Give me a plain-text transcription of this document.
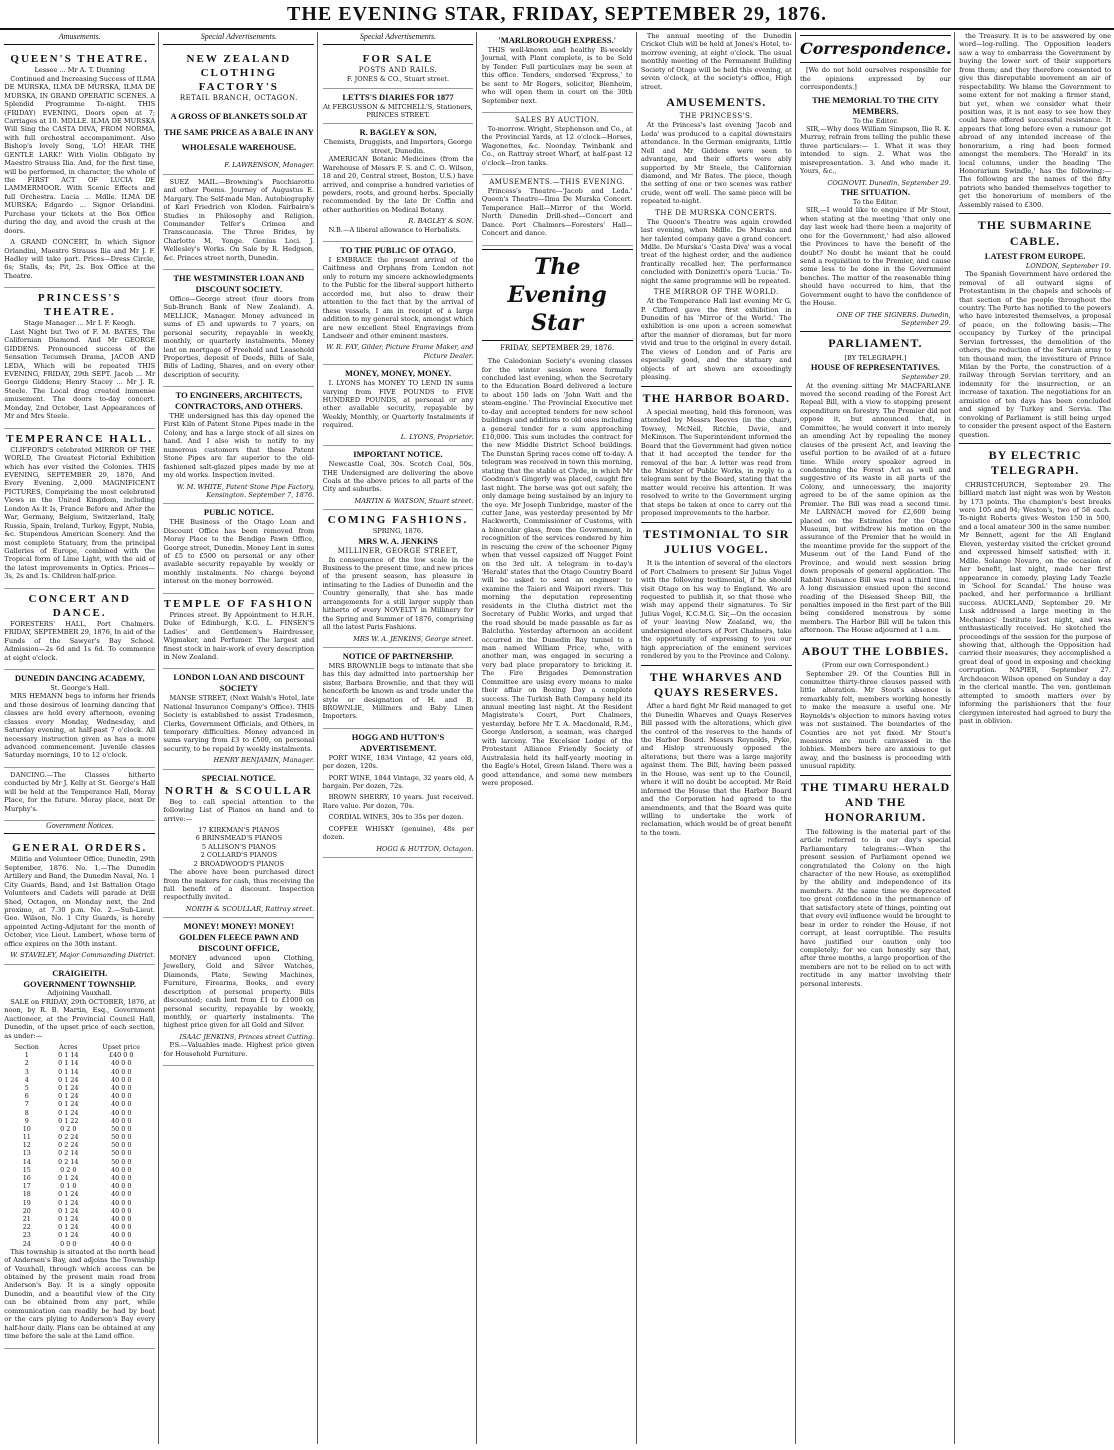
THE EVENING STAR, FRIDAY, SEPTEMBER 29, 1876.
Amusements.
QUEEN'S THEATRE.
Lessee ... Mr A. T. Dunning

Continued and Increasing Success of ILMA DE MURSKA, ILMA DE MURSKA, ILMA DE MURSKA, IN GRAND OPERATIC SCENES. A Splendid Programme To-night. THIS (FRIDAY) EVENING, Doors open at 7; Carriages at 10. MDLLE. ILMA DE MURSKA Will Sing the CASTA DIVA, FROM NORMA, with full orchestral accompaniment. Also Bishop's lovely Song, 'LO! HEAR THE GENTLE LARK!' With Violin Obligato by Maestro Strauss Ilia. And, for the first time, will be performed, in character, the whole of the FIRST ACT OF LUCIA DE LAMMERMOOR. With Scenic Effects and full Orchestra. Lucia ... Mdlle. ILMA DE MURSKA; Edgardo ... Signor Orlandini. Purchase your tickets at the Box Office during the day, and avoid the crush at the doors.

A GRAND CONCERT, In which Signor Orlandini, Maestro Strauss Ilia and Mr J. F. Hadley will take part. Prices—Dress Circle, 6s; Stalls, 4s; Pit, 2s. Box Office at the Theatre.

PRINCESS'S THEATRE.
Stage Manager ... Mr I. F. Keogh.

Last Night but Two of F. M. BATES, The Californian Diamond. And Mr GEORGE GIDDENS. Pronounced success of the Sensation Tecumseh Drama, JACOB AND LEDA, Which will be repeated THIS EVENING, FRIDAY, 29th SEPT. Jacob ... Mr George Giddens; Henry Stacey ... Mr J. R. Steele. The Local drag created immense amusement. The doors to-day concert. Monday, 2nd October, Last Appearances of Mr and Mrs Steele.

TEMPERANCE HALL.

CLIFFORD'S celebrated MIRROR OF THE WORLD, The Greatest Pictorial Exhibition which has ever visited the Colonies. THIS EVENING, SEPTEMBER 29, 1876, And Every Evening. 2,000 MAGNIFICENT PICTURES, Comprising the most celebrated Views in the United Kingdom, including London As It Is, France Before and After the War, Germany, Belgium, Switzerland, Italy, Russia, Spain, Ireland, Turkey, Egypt, Nubia, &c. Stupendous American Scenery. And the most complete Statuary, from the principal Galleries of Europe, combined with the Tropical form of Lime Light, with the aid of the latest improvements in Optics. Prices—3s, 2s and 1s. Children half-price.

CONCERT AND DANCE.

FORESTERS' HALL, Port Chalmers. FRIDAY, SEPTEMBER 29, 1876, In aid of the Funds of the Sawyer's Bay School. Admission—2s 6d and 1s 6d. To commence at eight o'clock.

DUNEDIN DANCING ACADEMY,
St. George's Hall.

MRS HEMANN begs to inform her friends and those desirous of learning dancing that classes are held every afternoon, evening classes every Monday, Wednesday, and Saturday evening, at half-past 7 o'clock. All necessary instruction given as has a more advanced commencement. Juvenile classes Saturday mornings, 10 to 12 o'clock.

DANCING.—The Classes hitherto conducted by Mr J. Kelly at St. George's Hall will be held at the Temperance Hall, Moray Place, for the future. Moray place, next Dr Murphy's.

Government Notices.
GENERAL ORDERS.

Militia and Volunteer Office, Dunedin, 29th September, 1876. No. 1.—The Dunedin Artillery and Band, the Dunedin Naval, No. 1 City Guards, Band, and 1st Battalion Otago Volunteers and Cadets will parade at Drill Shed, Octagon, on Monday next, the 2nd proximo, at 7.30 p.m. No. 2.—Sub-Lieut. Geo. Wilson, No. 1 City Guards, is hereby appointed Acting-Adjutant for the month of October, vice Lieut. Lambert, whose term of office expires on the 30th instant.

W. STAVELEY, Major Commanding District.
CRAIGIEITH.
GOVERNMENT TOWNSHIP.
Adjoining Vauxhall.

SALE on FRIDAY, 29th OCTOBER, 1876, at noon, by R. B. Martin, Esq., Government Auctioneer, at the Provincial Council Hall, Dunedin, of the upset price of each section, as under:—

Section	Acres	Upset price
1	0 1 14	£40 0 0
2	0 1 14	40 0 0
3	0 1 14	40 0 0
4	0 1 24	40 0 0
5	0 1 24	40 0 0
6	0 1 24	40 0 0
7	0 1 24	40 0 0
8	0 1 24	40 0 0
9	0 1 22	40 0 0
10	0 2 0	50 0 0
11	0 2 24	50 0 0
12	0 2 24	50 0 0
13	0 2 14	50 0 0
14	0 2 14	50 0 0
15	0 2 0	40 0 0
16	0 1 24	40 0 0
17	0 1 0	40 0 0
18	0 1 24	40 0 0
19	0 1 24	40 0 0
20	0 1 24	40 0 0
21	0 1 24	40 0 0
22	0 1 24	40 0 0
23	0 1 24	40 0 0
24	0 0 0	40 0 0

This township is situated at the north head of Andersen's Bay, and adjoins the Township of Vauxhall, through which access can be obtained by the present main road from Anderson's Bay. It is a singly opposite Dunedin, and a beautiful view of the City can be obtained from any part, while communication can readily be had by boat or the cars plying to Anderson's Bay every half-hour daily. Plans can be obtained at any time before the sale at the Land office.

Special Advertisements.
NEW ZEALAND CLOTHING FACTORY'S
RETAIL BRANCH, OCTAGON.
A GROSS OF BLANKETS SOLD AT THE SAME PRICE AS A BALE IN ANY WHOLESALE WAREHOUSE.
F. LAWRENSON, Manager.

SUEZ MAIL.—Browning's Pacchiarotto and other Poems. Journey of Augustus E. Margary. The Self-made Man. Autobiography of Karl Friedrich von Kloden. Fairbairn's Studies in Philosophy and Religion. Commander Telfer's Crimea and Transcaucasia. The Three Brides, by Charlotte M. Yonge. Genius Loci. J. Wellesley's Works. On Sale by R. Hedgson, &c. Princes street north, Dunedin.

THE WESTMINSTER LOAN AND DISCOUNT SOCIETY.

Office—George street (four doors from Sub-Branch Bank of New Zealand). A. MELLICK, Manager. Money advanced in sums of £5 and upwards to 7 years, on personal security, repayable in weekly, monthly, or quarterly instalments. Money lent on mortgage of Freehold and Leasehold Properties, deposit of Deeds, Bills of Sale, Bills of Lading, Shares, and on every other description of security.

TO ENGINEERS, ARCHITECTS, CONTRACTORS, AND OTHERS.

THE undersigned has this day opened the First Kiln of Patent Stone Pipes made in the Colony, and has a large stock of all sizes on hand. And I also wish to notify to my numerous customers that these Patent Stone Pipes are far superior to the old-fashioned salt-glazed pipes made by me at my old works. Inspection invited.

W. M. WHITE, Patent Stone Pipe Factory, Kensington. September 7, 1876.
PUBLIC NOTICE.

THE Business of the Otago Loan and Discount Office has been removed from Moray Place to the Bendigo Pawn Office, George street, Dunedin. Money Lent in sums of £5 to £500 on personal or any other available security repayable by weekly or monthly instalments. No charge beyond interest on the money borrowed.

TEMPLE OF FASHION

Princes street. By Appointment to H.R.H. Duke of Edinburgh, K.G. L. FINSEN'S Ladies' and Gentlemen's Hairdresser, Wigmaker, and Perfumer. The largest and finest stock in hair-work of every description in New Zealand.

LONDON LOAN AND DISCOUNT SOCIETY

MANSE STREET, (Next Walsh's Hotel, late National Insurance Company's Office). THIS Society is established to assist Tradesmen, Clerks, Government Officials, and Others, in temporary difficulties. Money advanced in sums varying from £3 to £500, on personal security, to be repaid by weekly instalments.

HENRY BENJAMIN, Manager.
SPECIAL NOTICE.
NORTH & SCOULLAR

Beg to call special attention to the following List of Pianos on hand and to arrive:—

17 KIRKMAN'S PIANOS
6 BRINSMEAD'S PIANOS
5 ALLISON'S PIANOS
2 COLLARD'S PIANOS
2 BROADWOOD'S PIANOS

The above have been purchased direct from the makers for cash, thus receiving the full benefit of a discount. Inspection respectfully invited.

NORTH & SCOULLAR, Rattray street.
MONEY! MONEY! MONEY!
GOLDEN FLEECE PAWN AND DISCOUNT OFFICE,

MONEY advanced upon Clothing, Jewellery, Gold and Silver Watches, Diamonds, Plate, Sewing Machines, Furniture, Firearms, Books, and every description of personal property. Bills discounted; cash lent from £1 to £1000 on personal security, repayable by weekly, monthly, or quarterly instalments. The highest price given for all Gold and Silver.

ISAAC JENKINS, Princes street Cutting.

P.S.—Valuables made. Highest price given for Household Furniture.

Special Advertisements.
FOR SALE
POSTS AND RAILS.
F. JONES & CO., Stuart street.
LETTS'S DIARIES FOR 1877
At FERGUSSON & MITCHELL'S, Stationers, PRINCES STREET.
R. BAGLEY & SON,
Chemists, Druggists, and Importers, George street, Dunedin.

AMERICAN Botanic Medicines (from the Warehouse of Messrs F. S. and C. O. Wilson, 18 and 20, Central street, Boston, U.S.) have arrived, and comprise a hundred varieties of powders, roots, and ground herbs. Specially recommended by the late Dr Coffin and other authorities on Medical Botany.

R. BAGLEY & SON.

N.B.—A liberal allowance to Herbalists.

TO THE PUBLIC OF OTAGO.

I EMBRACE the present arrival of the Caithness and Orphans from London not only to return my sincere acknowledgments to the Public for the liberal support hitherto accorded me, but also to draw their attention to the fact that by the arrival of these vessels, I am in receipt of a large addition to my general stock, amongst which are new excellent Steel Engravings from Landseer and other eminent masters.

W. R. FAY, Gilder, Picture Frame Maker, and Picture Dealer.
MONEY, MONEY, MONEY.

I. LYONS has MONEY TO LEND IN sums varying from FIVE POUNDS to FIVE HUNDRED POUNDS, at personal or any other available security, repayable by Weekly, Monthly, or Quarterly Instalments if required.

L. LYONS, Proprietor.
IMPORTANT NOTICE.

Newcastle Coal, 30s. Scotch Coal, 50s. THE Undersigned are delivering the above Coals at the above prices to all parts of the City and suburbs.

MARTIN & WATSON, Stuart street.
COMING FASHIONS.
SPRING, 1876.
MRS W. A. JENKINS
MILLINER, GEORGE STREET,

In consequence of the low scale in the Business to the present time, and new prices of the present season, has pleasure in intimating to the Ladies of Dunedin and the Country generally, that she has made arrangements for a still larger supply than hitherto of every NOVELTY in Millinery for the Spring and Summer of 1876, comprising all the latest Paris Fashions.

MRS W. A. JENKINS, George street.
NOTICE OF PARTNERSHIP.

MRS BROWNLIE begs to intimate that she has this day admitted into partnership her sister, Barbara Brownlie, and that they will henceforth be known as and trade under the style or designation of H. and B. BROWNLIE, Milliners and Baby Linen Importers.

HOGG AND HUTTON'S ADVERTISEMENT.

PORT WINE, 1834 Vintage, 42 years old, per dozen, 120s.

PORT WINE, 1844 Vintage, 32 years old, A bargain. Per dozen, 72s.

BROWN SHERRY, 10 years. Just received. Rare value. Per dozen, 70s.

CORDIAL WINES, 30s to 35s per dozen.

COFFEE WHISKY (genuine), 48s per dozen.

HOGG & HUTTON, Octagon.
'MARLBOROUGH EXPRESS.'

THIS well-known and healthy Bi-weekly Journal, with Plant complete, is to be Sold by Tender. Full particulars may be seen at this office. Tenders, endorsed 'Express,' to be sent to Mr Rogers, solicitor, Blenheim, who will open them in court on the 30th September next.

SALES BY AUCTION.

To-morrow. Wright, Stephenson and Co., at the Provincial Yards, at 12 o'clock—Horses, Wagonettes, &c. Noonday. Twinbank and Co., on Rattray street Wharf, at half-past 12 o'clock—Iron tanks.

AMUSEMENTS.—THIS EVENING.

Princess's Theatre—'Jacob and Leda.' Queen's Theatre—Ilma De Murska Concert. Temperance Hall—Mirror of the World. North Dunedin Drill-shed—Concert and Dance. Port Chalmers—Foresters' Hall—Concert and dance.

The Evening Star
FRIDAY, SEPTEMBER 29, 1876.

The Caledonian Society's evening classes for the winter session were formally concluded last evening, when the Secretary to the Education Board delivered a lecture to about 150 lads on 'John Watt and the steam-engine.' The Provincial Executive met to-day and accepted tenders for new school buildings and additions to old ones including a general tender for a sum approaching £10,000. This sum includes the contract for the new Middle District School buildings. The Dunstan Spring races come off to-day. A telegram was received in town this morning, stating that the stable at Clyde, in which Mr Goodman's Gingerly was placed, caught fire last night. The horse was got out safely, the only damage being sustained by an injury to the eye. Mr Joseph Tunbridge, master of the cutter Jane, was yesterday presented by Mr Hackworth, Commissioner of Customs, with a binocular glass, from the Government, in recognition of the services rendered by him in rescuing the crew of the schooner Pigmy when that vessel capsized off Nugget Point on the 3rd ult. A telegram in to-day's 'Herald' states that the Otago Country Board will be asked to send an engineer to examine the Taieri and Waipori rivers. This morning the deputation representing residents in the Clutha district met the Secretary of Public Works, and urged that the road should be made passable as far as Balclutha. Yesterday afternoon an accident occurred in the Dunedin Bay tunnel to a man named William Price, who, with another man, was engaged in securing a very bad place preparatory to bricking it. The Fire Brigades Demonstration Committee are using every means to make their affair on Boxing Day a complete success. The Turkish Bath Company held its annual meeting last night. At the Resident Magistrate's Court, Port Chalmers, yesterday, before Mr T. A. Macdonald, R.M., George Anderson, a seaman, was charged with larceny. The Excelsior Lodge of the Protestant Alliance Friendly Society of Australasia held its half-yearly meeting in the Eagle's Hotel, Green Island. There was a good attendance, and some new members were proposed.

The annual meeting of the Dunedin Cricket Club will be held at Jones's Hotel, to-morrow evening, at eight o'clock. The usual monthly meeting of the Permanent Building Society of Otago will be held this evening, at seven o'clock, at the society's office, High street.

AMUSEMENTS.
THE PRINCESS'S.

At the Princess's last evening 'Jacob and Leda' was produced to a capital downstairs attendance. In the German emigrants, Little Nell and Mr Giddens were seen to advantage, and their efforts were ably supported by Mr Steele, the Californian diamond, and Mr Bates. The piece, though the setting of one or two scenes was rather crude, went off well. The same piece will be repeated to-night.

THE DE MURSKA CONCERTS.

The Queen's Theatre was again crowded last evening, when Mdlle. De Murska and her talented company gave a grand concert. Mdlle. De Murska's 'Casta Diva' was a vocal treat of the highest order, and the audience frantically recalled her. The performance concluded with Donizetti's opera 'Lucia.' To-night the same programme will be repeated.

THE MIRROR OF THE WORLD.

At the Temperance Hall last evening Mr G. P. Clifford gave the first exhibition in Dunedin of his 'Mirror of the World.' The exhibition is one upon a screen somewhat after the manner of dioramas, but far more vivid and true to the original in every detail. The views of London and of Paris are especially good, and the statuary and objects of art shown are exceedingly pleasing.

THE HARBOR BOARD.

A special meeting, held this forenoon, was attended by Messrs Reeves (in the chair), Towsey, McNeil, Ritchie, Davie, and McKinnon. The Superintendent informed the Board that the Government had given notice that it had accepted the tender for the removal of the bar. A letter was read from the Minister of Public Works, in reply to a telegram sent by the Board, stating that the matter would receive his attention. It was resolved to write to the Government urging that steps be taken at once to carry out the proposed improvements to the harbor.

TESTIMONIAL TO SIR JULIUS VOGEL.

It is the intention of several of the electors of Port Chalmers to present Sir Julius Vogel with the following testimonial, if he should visit Otago on his way to England. We are requested to publish it, so that those who wish may append their signatures. To Sir Julius Vogel, K.C.M.G. Sir,—On the occasion of your leaving New Zealand, we, the undersigned electors of Port Chalmers, take the opportunity of expressing to you our high appreciation of the eminent services rendered by you to the Province and Colony.

THE WHARVES AND QUAYS RESERVES.

After a hard fight Mr Reid managed to get the Dunedin Wharves and Quays Reserves Bill passed with the alterations, which give the control of the reserves to the hands of the Harbor Board. Messrs Reynolds, Pyke, and Hislop strenuously opposed the alterations, but there was a large majority against them. The Bill, having been passed in the House, was sent up to the Council, where it will no doubt be accepted. Mr Reid informed the House that the Harbor Board and the Corporation had agreed to the amendments, and that the Board was quite willing to undertake the work of reclamation, which would be of great benefit to the town.

Correspondence.

[We do not hold ourselves responsible for the opinions expressed by our correspondents.]

THE MEMORIAL TO THE CITY MEMBERS.
To the Editor.

SIR,—Why does William Simpson, Ilie R. K. Murray, refrain from telling the public these three particulars:— 1. What it was they intended to sign. 2. What was the misrepresentation. 3. And who made it. Yours, &c.,

COGNOVIT. Dunedin, September 29.
THE SITUATION.
To the Editor.

SIR,—I would like to enquire if Mr Stout, when stating at the meeting 'that only one day last week had there been a majority of one for the Government,' had also allowed the Provinces to have the benefit of the doubt? No doubt he meant that he could send a requisition to the Premier, and cause some less to be done in the Government benches. The matter of the reasonable thing should have occurred to him, that the Government ought to have the confidence of the House.

ONE OF THE SIGNERS. Dunedin, September 29.
PARLIAMENT.
[BY TELEGRAPH.]
HOUSE OF REPRESENTATIVES.
September 29.

At the evening sitting Mr MACFARLANE moved the second reading of the Forest Act Repeal Bill, with a view to stopping present expenditure on forestry. The Premier did not oppose it, but announced that, in Committee, he would convert it into merely an amending Act by repealing the money clauses of the present Act, and leaving the useful portion to be availed of at a future time. While every speaker agreed in condemning the Forest Act as well and suggestive of its waste in all parts of the Colony, and unnecessary, the majority agreed to be of the same opinion as the Premier. The Bill was read a second time. Mr LARNACH moved for £2,600 being placed on the Estimates for the Otago Museum, but withdrew his motion on the assurance of the Premier that he would in the meantime provide for the support of the Museum out of the Land Fund of the Province, and would next session bring down proposals of general application. The Rabbit Nuisance Bill was read a third time. A long discussion ensued upon the second reading of the Diseased Sheep Bill, the penalties imposed in the first part of the Bill being considered monstrous by some members. The Harbor Bill will be taken this afternoon. The House adjourned at 1 a.m.

ABOUT THE LOBBIES.
(From our own Correspondent.)

September 29. Of the Counties Bill in committee thirty-three clauses passed with little alteration. Mr Stout's absence is remarkably felt, members working honestly to make the measure a useful one. Mr Reynolds's objection to minors having votes was not sustained. The boundaries of the Counties are not yet fixed. Mr Stout's measures are much canvassed in the lobbies. Members here are anxious to get away, and the business is proceeding with unusual rapidity.

THE TIMARU HERALD AND THE HONORARIUM.

The following is the material part of the article referred to in our day's special Parliamentary telegrams:—When the present session of Parliament opened we congratulated the Colony on the high character of the new House, as exemplified by the ability and independence of its members. At the same time we deprecated too great confidence in the permanence of that satisfactory state of things, pointing out that every evil influence would be brought to bear in order to render the House, if not corrupt, at least corruptible. The results have justified our caution only too completely; for we can honestly say that, after three months, a large proportion of the members are not to be relied on to act with rectitude in any matter involving their personal interests.

the Treasury. It is to be answered by one word—log-rolling. The Opposition leaders saw a way to embarrass the Government by buying the lower sort of their supporters from them; and they therefore consented to give this disreputable movement an air of respectability. We blame the Government to some extent for not making a firmer stand, but yet, when we consider what their position was, it is not easy to see how they could have offered successful resistance. It appears that long before even a rumour got abroad of any intended increase of the honorarium, a ring had been formed amongst the members. The 'Herald' in its local columns, under the heading 'The Honorarium Swindle,' has the following:—The following are the names of the fifty patriots who banded themselves together to get the honorarium of members of the Assembly raised to £300.

THE SUBMARINE CABLE.
LATEST FROM EUROPE.
LONDON, September 19.

The Spanish Government have ordered the removal of all outward signs of Protestantism in the chapels and schools of that section of the people throughout the country. The Porte has notified to the powers who have interested themselves, a proposal of peace, on the following basis:—The occupancy by Turkey of the principal Servian fortresses, the demolition of the others, the reduction of the Servian army to ten thousand men, the investiture of Prince Milan by the Porte, the construction of a railway through Servian territory, and an indemnity for the insurrection, or an increase of taxation. The negotiations for an armistice of ten days has been concluded and signed by Turkey and Servia. The convoking of Parliament is still being urged to consider the present aspect of the Eastern question.

BY ELECTRIC TELEGRAPH.

CHRISTCHURCH, September 29. The billiard match last night was won by Weston by 173 points. The champion's best breaks were 105 and 94; Weston's, two of 58 each. To-night Roberts gives Weston 150 in 500, and a local amateur 300 in the same number. Mr Bennett, agent for the All England Eleven, yesterday visited the cricket ground and expressed himself satisfied with it. Mdlle. Solange Novaro, on the occasion of her benefit, last night, made her first appearance in comedy, playing Lady Teazle in 'School for Scandal.' The house was packed, and her performance a brilliant success. AUCKLAND, September 29. Mr Lusk addressed a large meeting in the Mechanics' Institute last night, and was enthusiastically received. He sketched the proceedings of the session for the purpose of showing that, although the Opposition had carried their measures, they accomplished a great deal of good in exposing and checking corruption. NAPIER, September 27. Archdeacon Wilson opened on Sunday a day in the clerical mantle. The ven. gentleman attempted to smooth matters over by informing the parishioners that the four clergymen interested had agreed to bury the past in oblivion.
